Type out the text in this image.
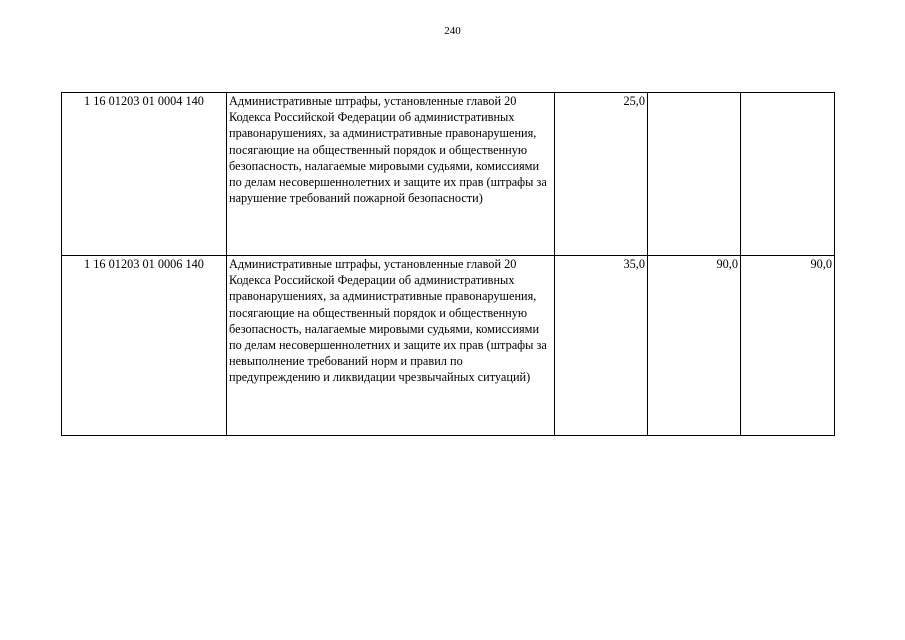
240
1 16 01203 01 0004 140	Административные штрафы, установленные главой 20 Кодекса Российской Федерации об административных правонарушениях, за административные правонарушения, посягающие на общественный порядок и общественную безопасность, налагаемые мировыми судьями, комиссиями по делам несовершеннолетних и защите их прав (штрафы за нарушение требований пожарной безопасности)	25,0		
1 16 01203 01 0006 140	Административные штрафы, установленные главой 20 Кодекса Российской Федерации об административных правонарушениях, за административные правонарушения, посягающие на общественный порядок и общественную безопасность, налагаемые мировыми судьями, комиссиями по делам несовершеннолетних и защите их прав (штрафы за невыполнение требований норм и правил по предупреждению и ликвидации чрезвычайных ситуаций)	35,0	90,0	90,0
